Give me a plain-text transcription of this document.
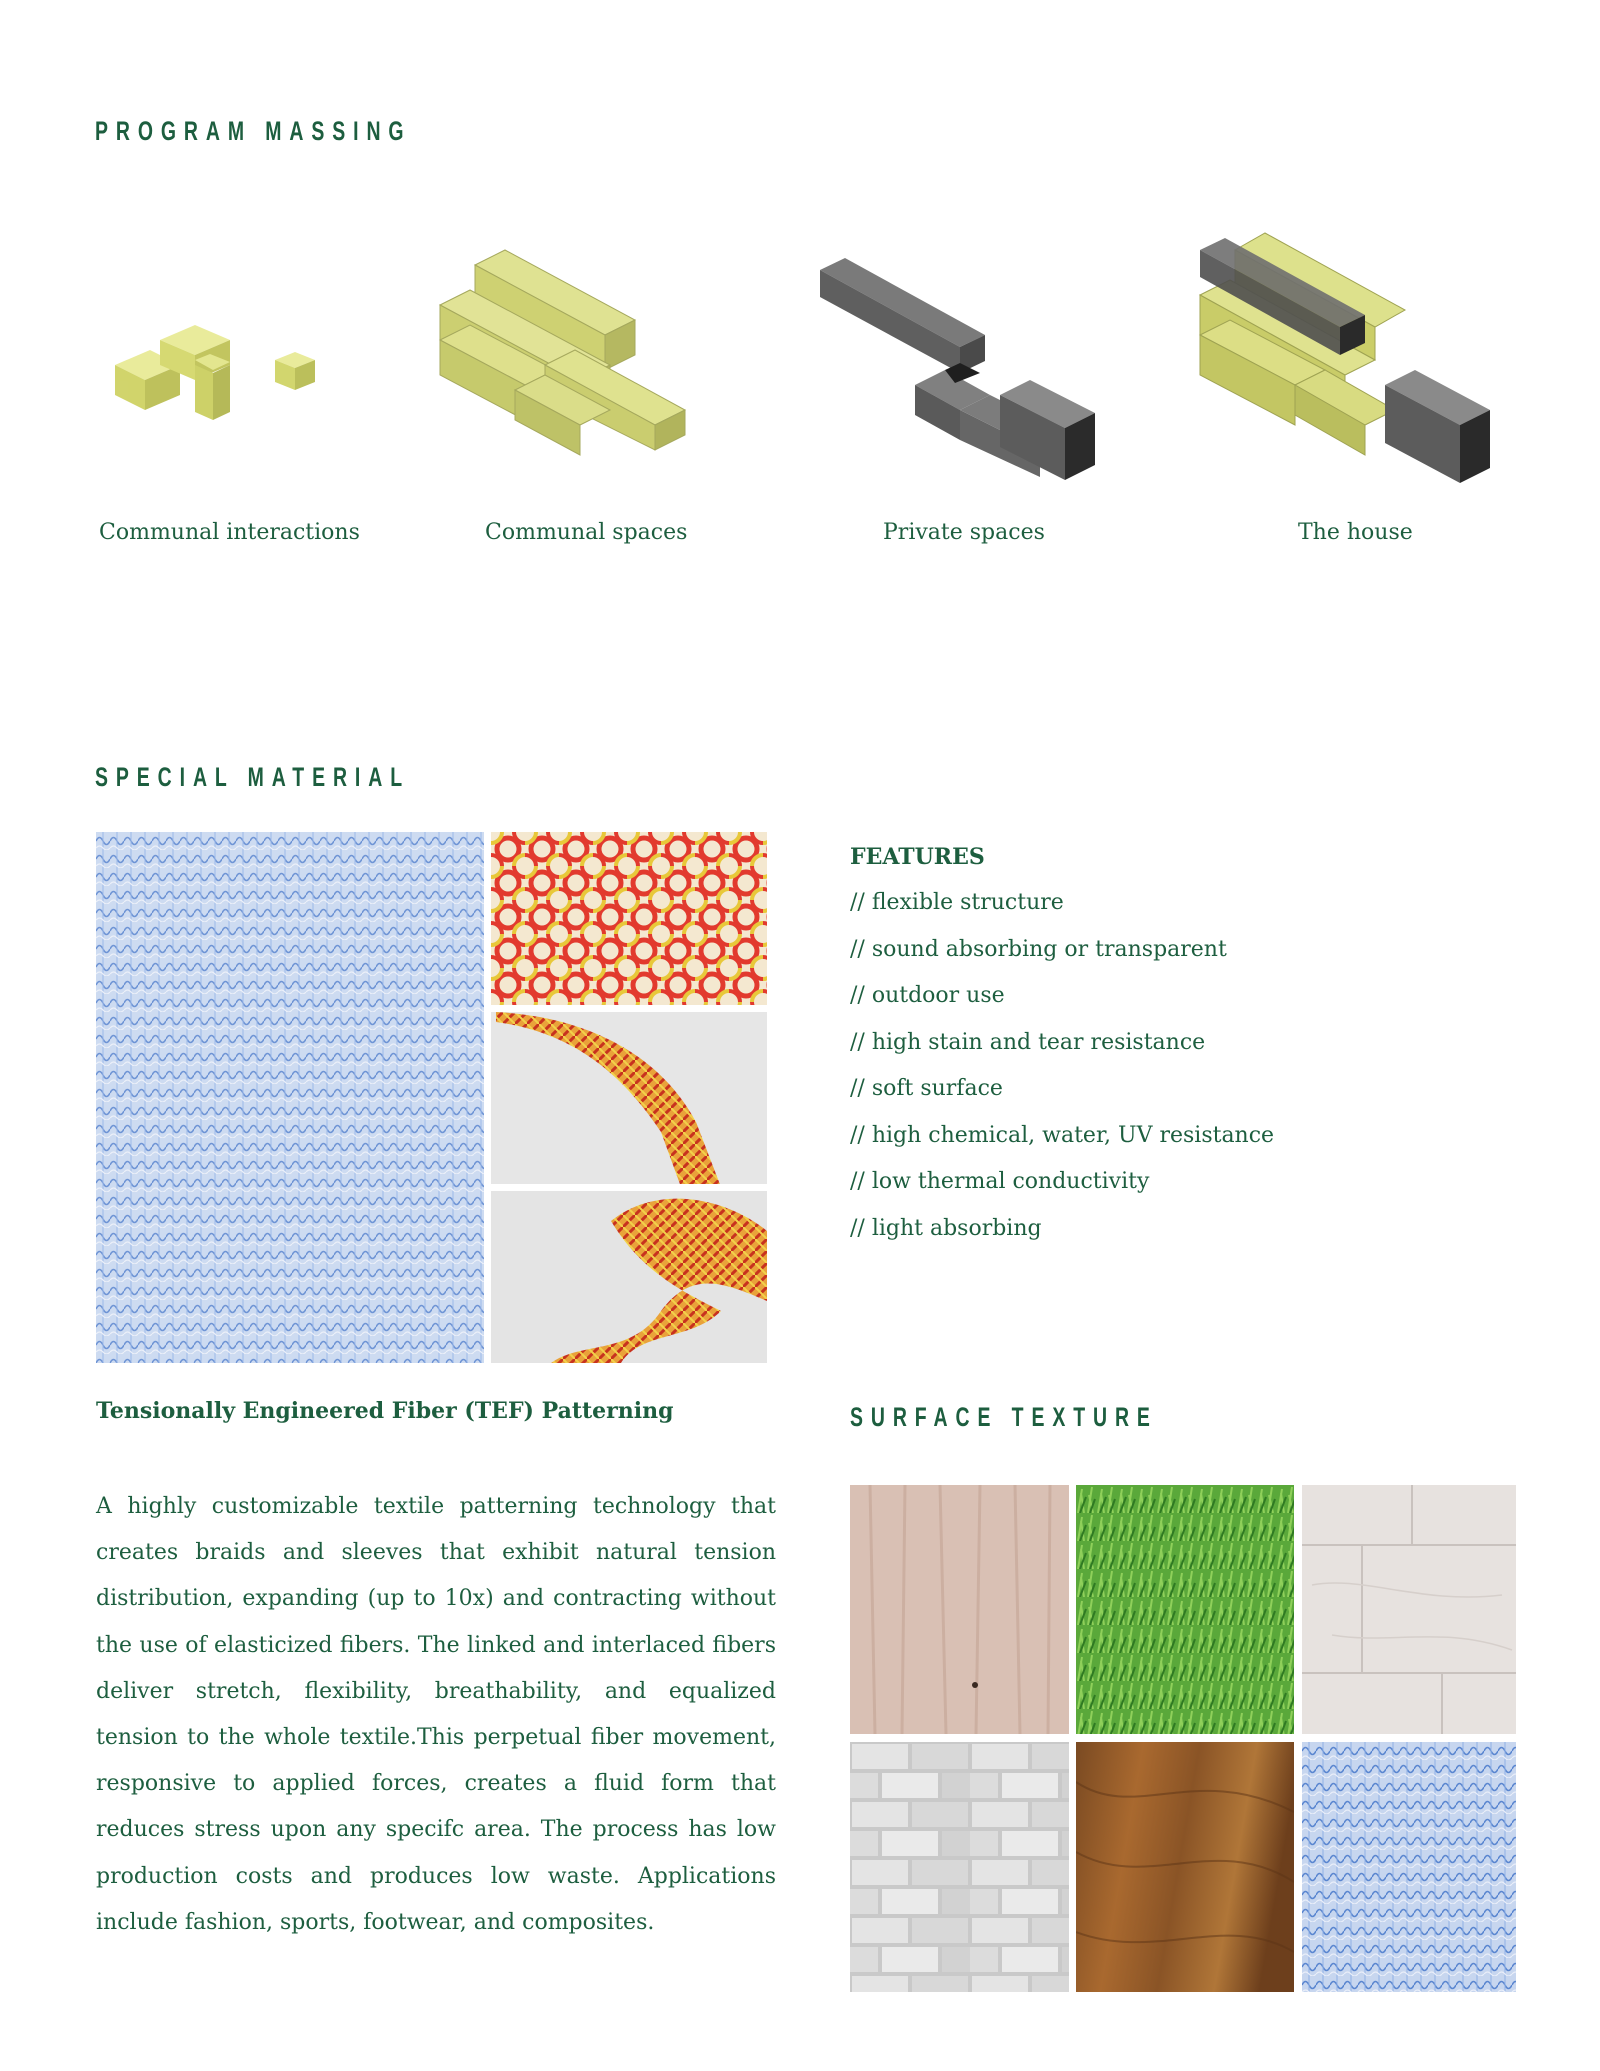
PROGRAM MASSING
Communal interactions	Communal spaces	Private spaces	The house
SPECIAL MATERIAL
FEATURES
// flexible structure
// sound absorbing or transparent
// outdoor use
// high stain and tear resistance
// soft surface
// high chemical, water, UV resistance
// low thermal conductivity
// light absorbing
Tensionally Engineered Fiber (TEF) Patterning
A highly customizable textile patterning technology that creates braids and sleeves that exhibit natural tension distribution, expanding (up to 10x) and contracting without the use of elasticized fibers. The linked and interlaced fibers deliver stretch, flexibility, breathability, and equalized tension to the whole textile.This perpetual fiber movement, responsive to applied forces, creates a fluid form that reduces stress upon any specifc area. The process has low production costs and produces low waste. Applications include fashion, sports, footwear, and composites.
SURFACE TEXTURE
